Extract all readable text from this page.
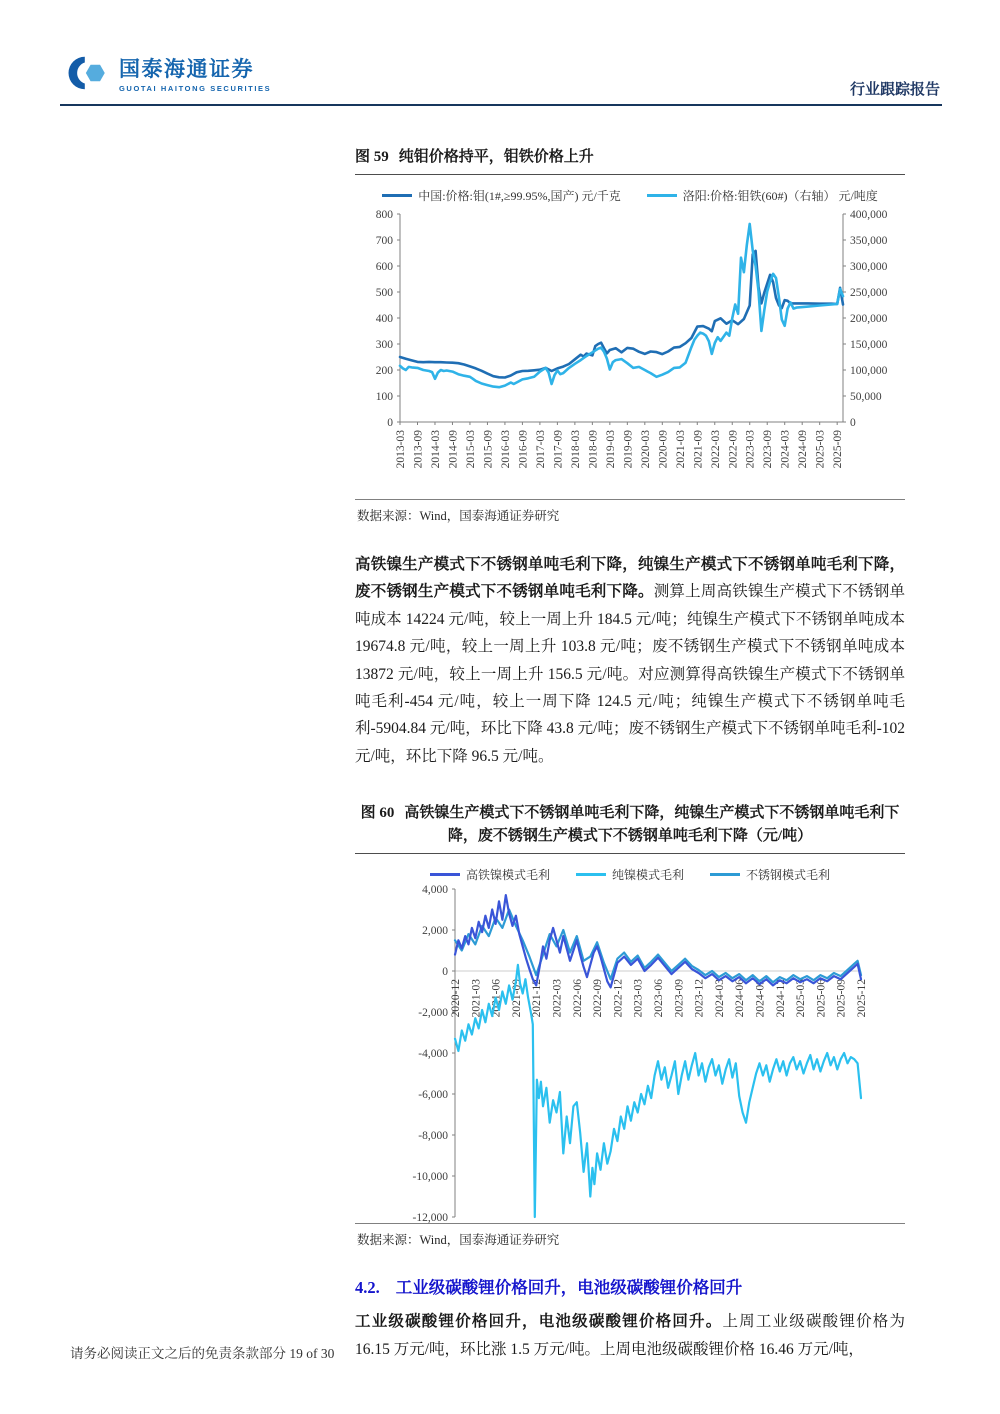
国泰海通证券
GUOTAI HAITONG SECURITIES	行业跟踪报告
图 59 纯钼价格持平，钼铁价格上升
中国:价格:钼(1#,≥99.95%,国产) 元/千克	洛阳:价格:钼铁(60#)（右轴） 元/吨度
0
100
200
300
400
500
600
700
800
0
50,000
100,000
150,000
200,000
250,000
300,000
350,000
400,000
2013-03 2013-09 2014-03 2014-09 2015-03 2015-09 2016-03 2016-09 2017-03 2017-09 2018-03 2018-09 2019-03 2019-09 2020-03 2020-09 2021-03 2021-09 2022-03 2022-09 2023-03 2023-09 2024-03 2024-09 2025-03 2025-09
数据来源：Wind，国泰海通证券研究

高铁镍生产模式下不锈钢单吨毛利下降，纯镍生产模式下不锈钢单吨毛利下降，废不锈钢生产模式下不锈钢单吨毛利下降。测算上周高铁镍生产模式下不锈钢单吨成本 14224 元/吨，较上一周上升 184.5 元/吨；纯镍生产模式下不锈钢单吨成本 19674.8 元/吨，较上一周上升 103.8 元/吨；废不锈钢生产模式下不锈钢单吨成本 13872 元/吨，较上一周上升 156.5 元/吨。对应测算得高铁镍生产模式下不锈钢单吨毛利-454 元/吨，较上一周下降 124.5 元/吨；纯镍生产模式下不锈钢单吨毛利-5904.84 元/吨，环比下降 43.8 元/吨；废不锈钢生产模式下不锈钢单吨毛利-102 元/吨，环比下降 96.5 元/吨。

图 60 高铁镍生产模式下不锈钢单吨毛利下降，纯镍生产模式下不锈钢单吨毛利下降，废不锈钢生产模式下不锈钢单吨毛利下降（元/吨）
高铁镍模式毛利	纯镍模式毛利	不锈钢模式毛利
-12,000
-10,000
-8,000
-6,000
-4,000
-2,000
0
2,000
4,000
2020-12 2021-03 2021-06 2021-09 2021-12 2022-03 2022-06 2022-09 2022-12 2023-03 2023-06 2023-09 2023-12 2024-03 2024-06 2024-09 2024-12 2025-03 2025-06 2025-09 2025-12
数据来源：Wind，国泰海通证券研究
4.2. 工业级碳酸锂价格回升，电池级碳酸锂价格回升

工业级碳酸锂价格回升，电池级碳酸锂价格回升。上周工业级碳酸锂价格为 16.15 万元/吨，环比涨 1.5 万元/吨。上周电池级碳酸锂价格 16.46 万元/吨，

请务必阅读正文之后的免责条款部分 19 of 30
